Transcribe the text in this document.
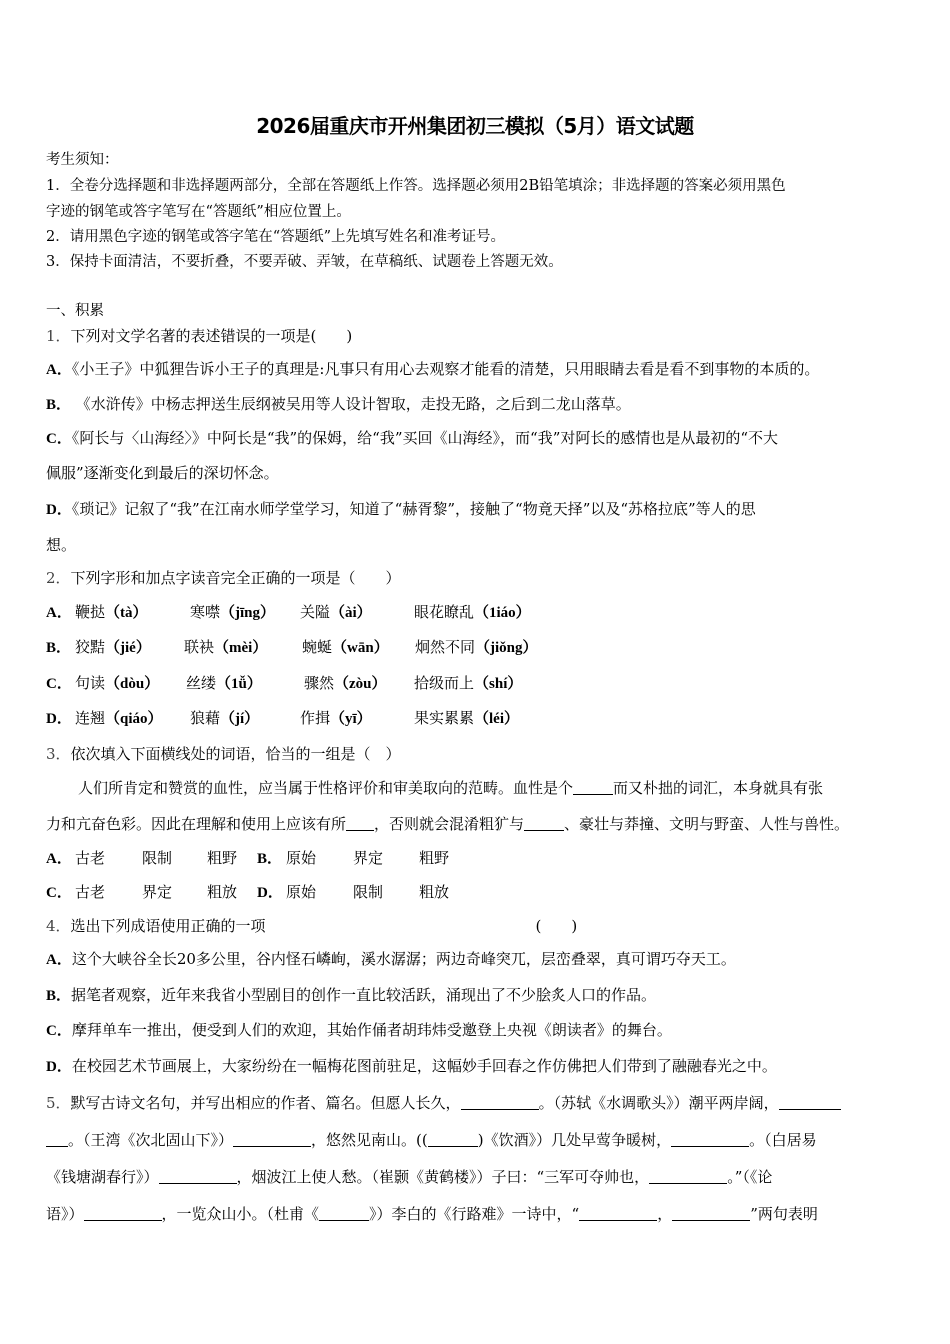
2026届重庆市开州集团初三模拟（5月）语文试题
考生须知：
1．全卷分选择题和非选择题两部分，全部在答题纸上作答。选择题必须用2B铅笔填涂；非选择题的答案必须用黑色
字迹的钢笔或答字笔写在“答题纸”相应位置上。
2．请用黑色字迹的钢笔或答字笔在“答题纸”上先填写姓名和准考证号。
3．保持卡面清洁，不要折叠，不要弄破、弄皱，在草稿纸、试题卷上答题无效。
一、积累
1．下列对文学名著的表述错误的一项是(　　)
A．《小王子》中狐狸告诉小王子的真理是:凡事只有用心去观察才能看的清楚，只用眼睛去看是看不到事物的本质的。
B． 《水浒传》中杨志押送生辰纲被吴用等人设计智取，走投无路，之后到二龙山落草。
C．《阿长与〈山海经〉》中阿长是“我”的保姆，给“我”买回《山海经》，而“我”对阿长的感情也是从最初的“不大
佩服”逐渐变化到最后的深切怀念。
D．《琐记》记叙了“我”在江南水师学堂学习，知道了“赫胥黎”，接触了“物竟天择”以及“苏格拉底”等人的思
想。
2．下列字形和加点字读音完全正确的一项是（　　）
A． 鞭挞（tà）	寒噤（jīng） 关隘（ài）	眼花瞭乱（1iáo）
B． 狡黠（jié） 联袂（mèi） 蜿蜒（wān） 炯然不同（jiǒng）
C． 句读（dòu） 丝缕（1ǚ）	骤然（zòu） 拾级而上（shí）
D． 连翘（qiáo） 狼藉（jí）	作揖（yī）	果实累累（léi）
3．依次填入下面横线处的词语，恰当的一组是（　）
人们所肯定和赞赏的血性，应当属于性格评价和审美取向的范畴。血性是个	而又朴拙的词汇，本身就具有张
力和亢奋色彩。因此在理解和使用上应该有所 ，否则就会混淆粗犷与	、豪壮与莽撞、文明与野蛮、人性与兽性。
A． 古老 限制 粗野 B． 原始 界定 粗野
C． 古老 界定 粗放 D． 原始 限制 粗放
4．选出下列成语使用正确的一项	(　　)
A．这个大峡谷全长20多公里，谷内怪石嶙峋，溪水潺潺；两边奇峰突兀，层峦叠翠，真可谓巧夺天工。
B．据笔者观察，近年来我省小型剧目的创作一直比较活跃，涌现出了不少脍炙人口的作品。
C．摩拜单车一推出，便受到人们的欢迎，其始作俑者胡玮炜受邀登上央视《朗读者》的舞台。
D．在校园艺术节画展上，大家纷纷在一幅梅花图前驻足，这幅妙手回春之作仿佛把人们带到了融融春光之中。
5．默写古诗文名句，并写出相应的作者、篇名。但愿人长久，	。（苏轼《水调歌头》）潮平两岸阔，
。（王湾《次北固山下》）	，悠然见南山。((	)《饮酒》）几处早莺争暖树，	。（白居易
《钱塘湖春行》）	，烟波江上使人愁。（崔颢《黄鹤楼》）子曰：“三军可夺帅也，	。”（《论
语》）	，一览众山小。（杜甫《	》）李白的《行路难》一诗中，“	，	”两句表明
